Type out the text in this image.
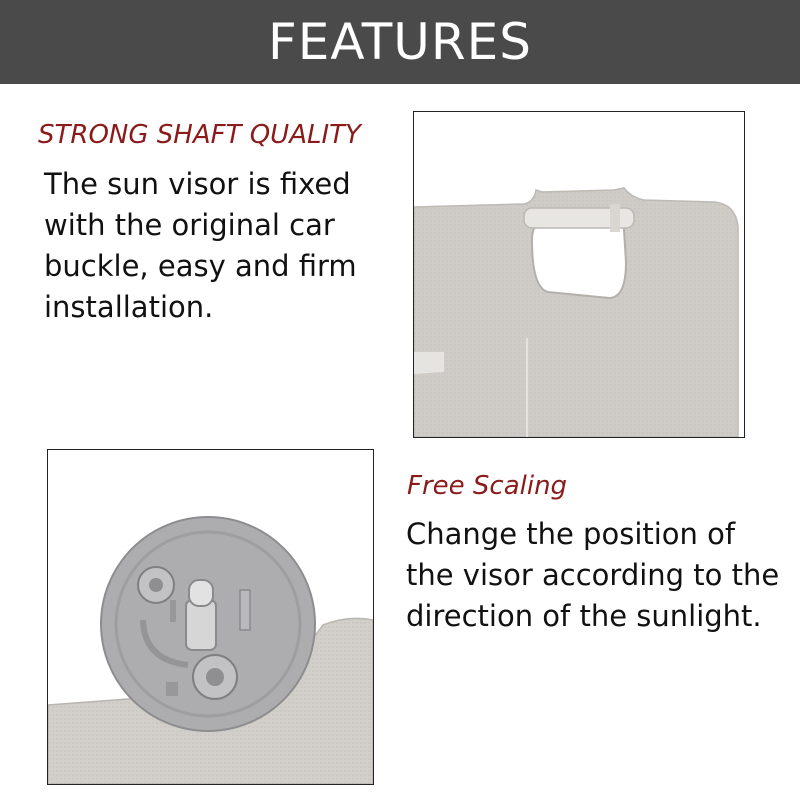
FEATURES

STRONG SHAFT QUALITY

The sun visor is fixed
with the original car
buckle, easy and firm
installation.

Free Scaling

Change the position of
the visor according to the
direction of the sunlight.
